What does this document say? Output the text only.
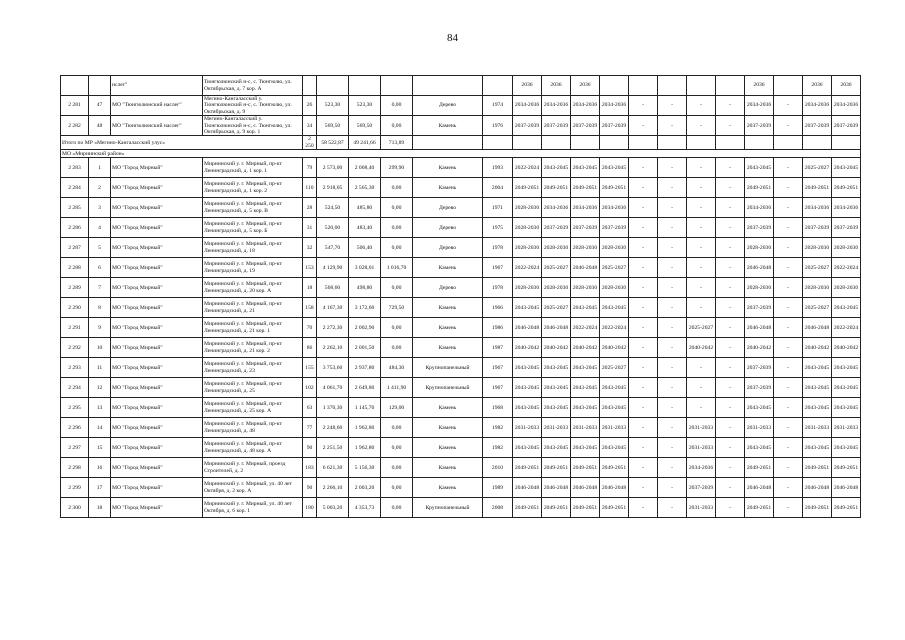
84
		нслег"	Тюнгюлюнский н-с, с. Тюнгюлю, ул. Октябрьская, д. 7 кор. А							2036	2036	2036						2036		2036	2036
2 281	47	МО "Тюнгюлюнский наслег"	Мегино-Кангаласский у. Тюнгюлюнский н-с, с. Тюнгюлю, ул. Октябрьская, д. 9	26	523,30	523,30	0,00	Дерево	1974	2034-2036	2034-2036	2034-2036	2034-2036	-	-	-	-	2034-2036	-	2034-2036	2034-2036
2 282	48	МО "Тюнгюлюнский наслег"	Мегино-Кангаласский у. Тюнгюлюнский н-с, с. Тюнгюлю, ул. Октябрьская, д. 9 кор. 1	34	569,50	569,50	0,00	Камень	1976	2037-2039	2037-2039	2037-2039	2037-2039	-	-	-	-	2037-2039	-	2037-2039	2037-2039
Итого по МР «Мегино-Кангаласский улус»				2 250	58 522,87	49 241,66	713,89														
МО «Мирнинский район»																					
2 283	1	МО "Город Мирный"	Мирнинский у. г. Мирный, пр-кт Ленинградский, д. 1 кор. 1	79	2 573,00	2 068,40	299,90	Камень	1993	2022-2024	2043-2045	2043-2045	2043-2045	-	-	-	-	2043-2045	-	2025-2027	2043-2045
2 284	2	МО "Город Мирный"	Мирнинский у. г. Мирный, пр-кт Ленинградский, д. 1 кор. 2	110	2 918,05	2 565,30	0,00	Камень	2004	2049-2051	2049-2051	2049-2051	2049-2051	-	-	-	-	2049-2051	-	2049-2051	2049-2051
2 285	3	МО "Город Мирный"	Мирнинский у. г. Мирный, пр-кт Ленинградский, д. 5 кор. В	28	524,50	485,80	0,00	Дерево	1971	2028-2030	2034-2036	2034-2036	2034-2036	-	-	-	-	2034-2036	-	2034-2036	2034-2036
2 286	4	МО "Город Мирный"	Мирнинский у. г. Мирный, пр-кт Ленинградский, д. 5 кор. Б	31	520,00	483,40	0,00	Дерево	1975	2028-2030	2037-2039	2037-2039	2037-2039	-	-	-	-	2037-2039	-	2037-2039	2037-2039
2 287	5	МО "Город Мирный"	Мирнинский у. г. Мирный, пр-кт Ленинградский, д. 18	32	547,70	506,40	0,00	Дерево	1978	2028-2030	2028-2030	2028-2030	2028-2030	-	-	-	-	2028-2030	-	2028-2030	2028-2030
2 288	6	МО "Город Мирный"	Мирнинский у. г. Мирный, пр-кт Ленинградский, д. 19	153	4 129,90	3 028,01	1 016,70	Камень	1967	2022-2024	2025-2027	2046-2048	2025-2027	-	-	-	-	2046-2048	-	2025-2027	2022-2024
2 289	7	МО "Город Мирный"	Мирнинский у. г. Мирный, пр-кт Ленинградский, д. 20 кор. А	18	568,60	498,80	0,00	Дерево	1978	2028-2030	2028-2030	2028-2030	2028-2030	-	-	-	-	2028-2030	-	2028-2030	2028-2030
2 290	8	МО "Город Мирный"	Мирнинский у. г. Мирный, пр-кт Ленинградский, д. 21	158	4 167,30	3 172,60	729,50	Камень	1966	2043-2045	2025-2027	2043-2045	2043-2045	-	-	-	-	2037-2039	-	2025-2027	2043-2045
2 291	9	МО "Город Мирный"	Мирнинский у. г. Мирный, пр-кт Ленинградский, д. 21 кор. 1	70	2 272,30	2 002,90	0,00	Камень	1986	2046-2048	2046-2048	2022-2024	2022-2024	-	-	2025-2027	-	2046-2048	-	2046-2048	2022-2024
2 292	10	МО "Город Мирный"	Мирнинский у. г. Мирный, пр-кт Ленинградский, д. 21 кор. 2	86	2 262,10	2 001,50	0,00	Камень	1987	2040-2042	2040-2042	2040-2042	2040-2042	-	-	2040-2042	-	2040-2042	-	2040-2042	2040-2042
2 293	11	МО "Город Мирный"	Мирнинский у. г. Мирный, пр-кт Ленинградский, д. 23	155	3 753,60	2 937,80	484,30	Крупнопанельный	1967	2043-2045	2043-2045	2043-2045	2025-2027	-	-	-	-	2037-2039	-	2043-2045	2043-2045
2 294	12	МО "Город Мирный"	Мирнинский у. г. Мирный, пр-кт Ленинградский, д. 25	102	4 061,70	2 649,80	1 411,90	Крупнопанельный	1967	2043-2045	2043-2045	2043-2045	2043-2045	-	-	-	-	2037-2039	-	2043-2045	2043-2045
2 295	13	МО "Город Мирный"	Мирнинский у. г. Мирный, пр-кт Ленинградский, д. 25 кор. А	63	1 370,30	1 145,70	129,00	Камень	1968	2043-2045	2043-2045	2043-2045	2043-2045	-	-	-	-	2043-2045	-	2043-2045	2043-2045
2 296	14	МО "Город Мирный"	Мирнинский у. г. Мирный, пр-кт Ленинградский, д. 48	77	2 248,60	1 962,80	0,00	Камень	1982	2031-2033	2031-2033	2031-2033	2031-2033	-	-	2031-2033	-	2031-2033	-	2031-2033	2031-2033
2 297	15	МО "Город Мирный"	Мирнинский у. г. Мирный, пр-кт Ленинградский, д. 48 кор. А	90	2 251,50	1 962,80	0,00	Камень	1982	2043-2045	2043-2045	2043-2045	2043-2045	-	-	2031-2033	-	2043-2045	-	2043-2045	2043-2045
2 298	16	МО "Город Мирный"	Мирнинский у. г. Мирный, проезд Строителей, д. 2	183	6 621,30	5 156,30	0,00	Камень	2010	2049-2051	2049-2051	2049-2051	2049-2051	-	-	2034-2036	-	2049-2051	-	2049-2051	2049-2051
2 299	17	МО "Город Мирный"	Мирнинский у. г. Мирный, ул. 40 лет Октября, д. 2 кор. А	90	2 266,10	2 003,20	0,00	Камень	1989	2046-2048	2046-2048	2046-2048	2046-2048	-	-	2037-2039	-	2046-2048	-	2046-2048	2046-2048
2 300	18	МО "Город Мирный"	Мирнинский у. г. Мирный, ул. 40 лет Октября, д. 6 кор. 1	180	5 003,20	4 353,73	0,00	Крупнопанельный	2008	2049-2051	2049-2051	2049-2051	2049-2051	-	-	2031-2033	-	2049-2051	-	2049-2051	2049-2051
